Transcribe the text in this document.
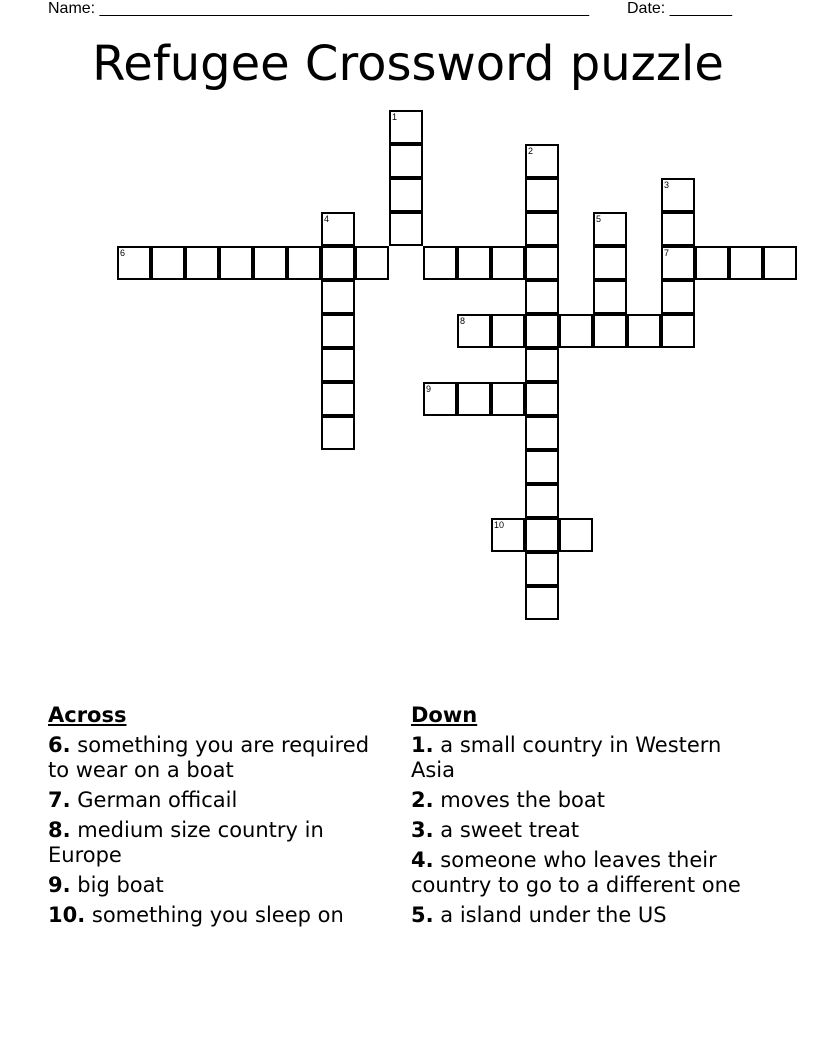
Name: _______________________________________________________ Date: _______
Refugee Crossword puzzle
1
2
3
4	5
6	7
8
9
10
Across
6. something you are required to wear on a boat
7. German officail
8. medium size country in Europe
9. big boat
10. something you sleep on
Down
1. a small country in Western Asia
2. moves the boat
3. a sweet treat
4. someone who leaves their country to go to a different one
5. a island under the US
